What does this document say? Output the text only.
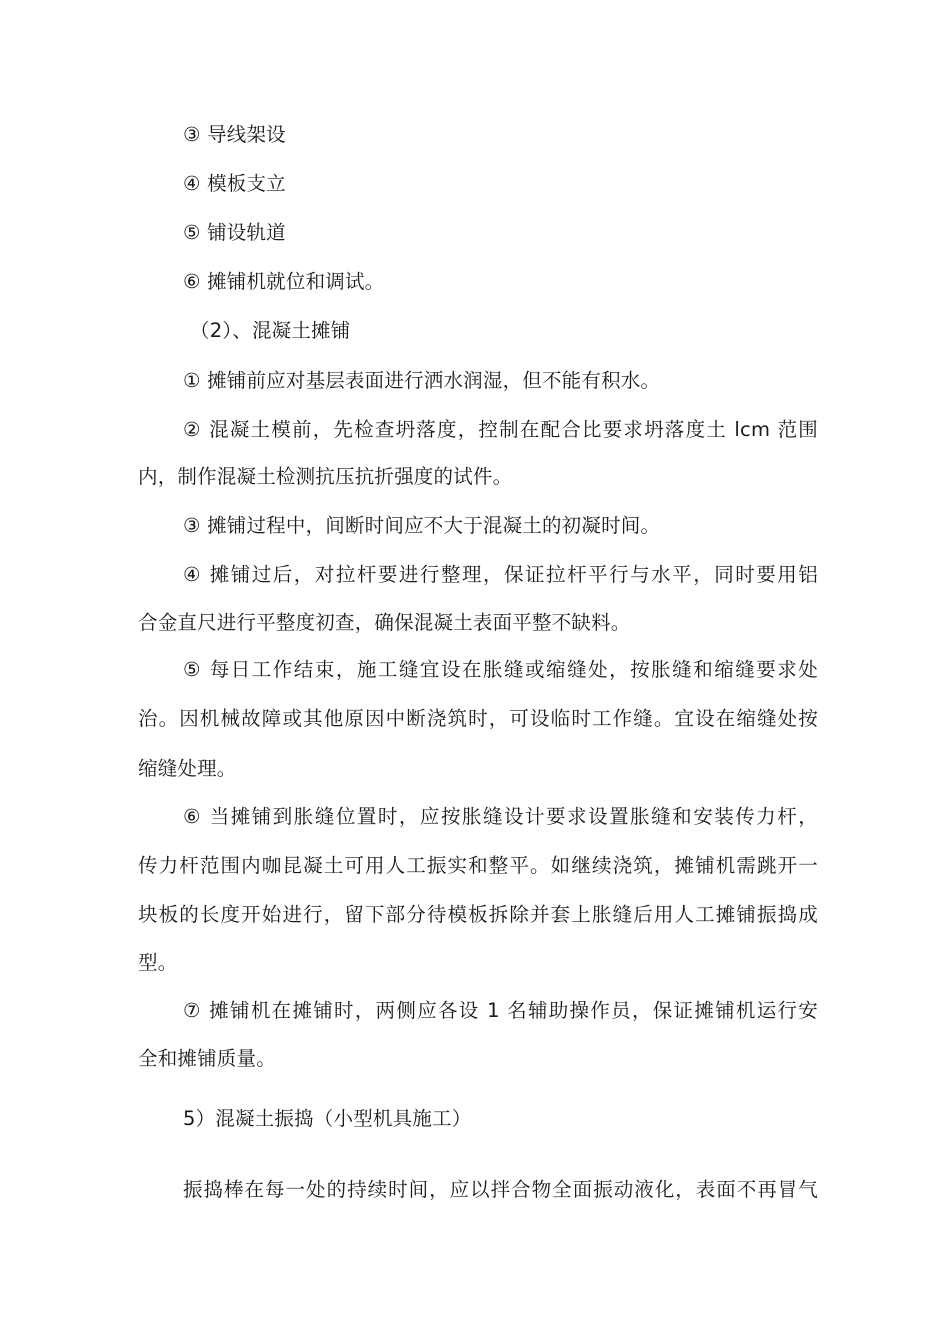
③ 导线架设
④ 模板支立
⑤ 铺设轨道
⑥ 摊铺机就位和调试。
（2）、混凝土摊铺
① 摊铺前应对基层表面进行洒水润湿，但不能有积水。
② 混凝土模前，先检查坍落度，控制在配合比要求坍落度土 lcm 范围
内，制作混凝土检测抗压抗折强度的试件。
③ 摊铺过程中，间断时间应不大于混凝土的初凝时间。
④ 摊铺过后，对拉杆要进行整理，保证拉杆平行与水平，同时要用铝
合金直尺进行平整度初查，确保混凝土表面平整不缺料。
⑤ 每日工作结束，施工缝宜设在胀缝或缩缝处，按胀缝和缩缝要求处
治。因机械故障或其他原因中断浇筑时，可设临时工作缝。宜设在缩缝处按
缩缝处理。
⑥ 当摊铺到胀缝位置时，应按胀缝设计要求设置胀缝和安装传力杆，
传力杆范围内咖昆凝土可用人工振实和整平。如继续浇筑，摊铺机需跳开一
块板的长度开始进行，留下部分待模板拆除并套上胀缝后用人工摊铺振捣成
型。
⑦ 摊铺机在摊铺时，两侧应各设 1 名辅助操作员，保证摊铺机运行安
全和摊铺质量。
5）混凝土振捣（小型机具施工）
振捣棒在每一处的持续时间，应以拌合物全面振动液化，表面不再冒气
